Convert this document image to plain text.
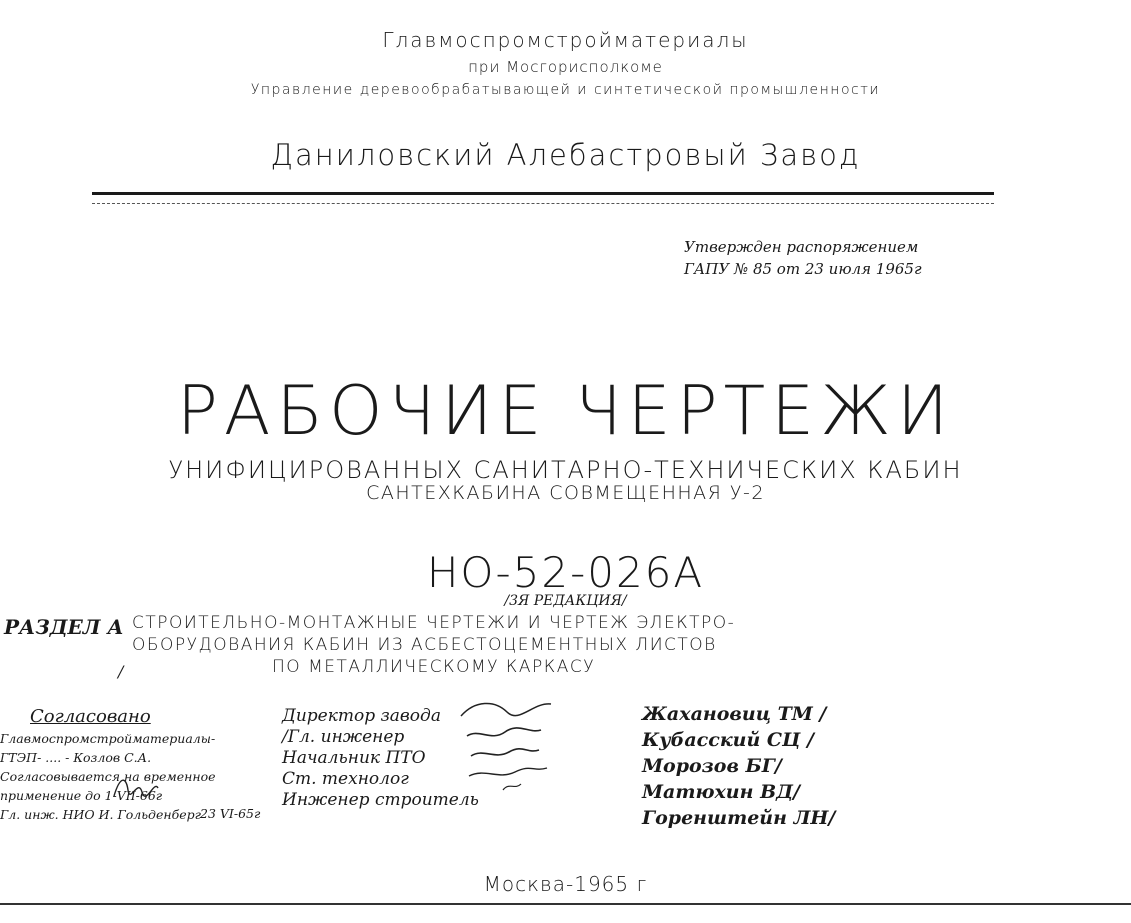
Главмоспромстройматериалы
при Мосгорисполкоме
Управление деревообрабатывающей и синтетической промышленности
Даниловский Алебастровый Завод
Утвержден распоряжением
ГАПУ № 85 от 23 июля 1965г
РАБОЧИЕ ЧЕРТЕЖИ
УНИФИЦИРОВАННЫХ САНИТАРНО-ТЕХНИЧЕСКИХ КАБИН
САНТЕХКАБИНА СОВМЕЩЕННАЯ У-2
НО-52-026А
/3Я РЕДАКЦИЯ/
РАЗДЕЛ А СТРОИТЕЛЬНО-МОНТАЖНЫЕ ЧЕРТЕЖИ И ЧЕРТЕЖ ЭЛЕКТРО-
ОБОРУДОВАНИЯ КАБИН ИЗ АСБЕСТОЦЕМЕНТНЫХ ЛИСТОВ
ПО МЕТАЛЛИЧЕСКОМУ КАРКАСУ
/
Согласовано
Главмоспромстройматериалы-
ГТЭП- .... - Козлов С.А.
Согласовывается на временное
применение до 1-VII-66г
Гл. инж. НИО И. Гольденберг 23 VI-65г
Директор завода
/Гл. инженер
Начальник ПТО
Ст. технолог
Инженер строитель
Жахановиц ТМ /
Кубасский СЦ /
Морозов БГ/
Матюхин ВД/
Горенштейн ЛН/
Москва-1965 г
